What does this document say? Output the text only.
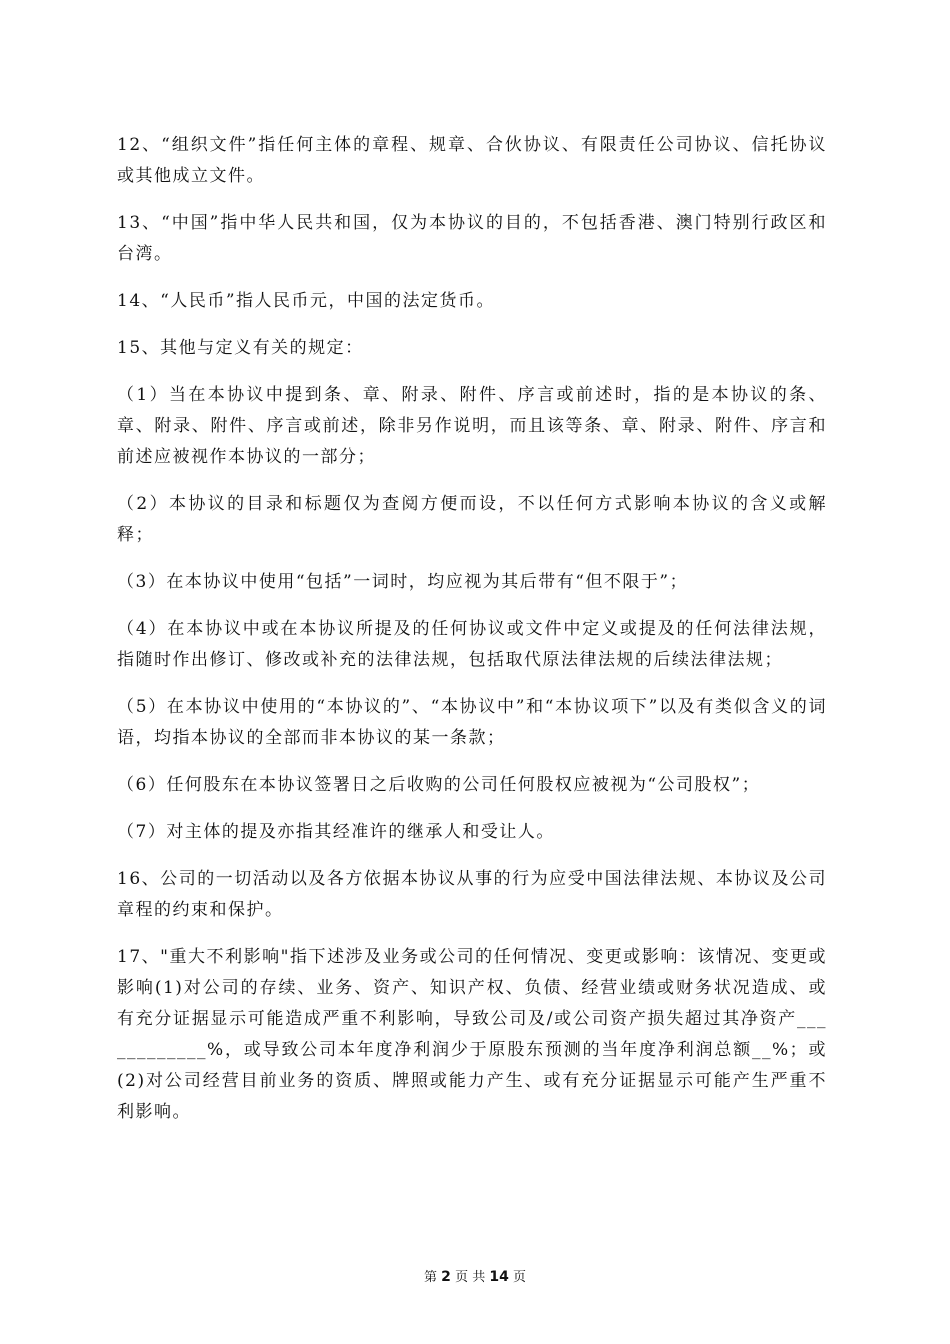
12、“组织文件”指任何主体的章程、规章、合伙协议、有限责任公司协议、信托协议或其他成立文件。

13、“中国”指中华人民共和国，仅为本协议的目的，不包括香港、澳门特别行政区和台湾。

14、“人民币”指人民币元，中国的法定货币。

15、其他与定义有关的规定：

（1）当在本协议中提到条、章、附录、附件、序言或前述时，指的是本协议的条、章、附录、附件、序言或前述，除非另作说明，而且该等条、章、附录、附件、序言和前述应被视作本协议的一部分；

（2）本协议的目录和标题仅为查阅方便而设，不以任何方式影响本协议的含义或解释；

（3）在本协议中使用“包括”一词时，均应视为其后带有“但不限于”；

（4）在本协议中或在本协议所提及的任何协议或文件中定义或提及的任何法律法规，指随时作出修订、修改或补充的法律法规，包括取代原法律法规的后续法律法规；

（5）在本协议中使用的“本协议的”、“本协议中”和“本协议项下”以及有类似含义的词语，均指本协议的全部而非本协议的某一条款；

（6）任何股东在本协议签署日之后收购的公司任何股权应被视为“公司股权”；

（7）对主体的提及亦指其经准许的继承人和受让人。

16、公司的一切活动以及各方依据本协议从事的行为应受中国法律法规、本协议及公司章程的约束和保护。

17、"重大不利影响"指下述涉及业务或公司的任何情况、变更或影响：该情况、变更或影响(1)对公司的存续、业务、资产、知识产权、负债、经营业绩或财务状况造成、或有充分证据显示可能造成严重不利影响，导致公司及/或公司资产损失超过其净资产____________%，或导致公司本年度净利润少于原股东预测的当年度净利润总额__%；或(2)对公司经营目前业务的资质、牌照或能力产生、或有充分证据显示可能产生严重不利影响。

第 2 页 共 14 页
